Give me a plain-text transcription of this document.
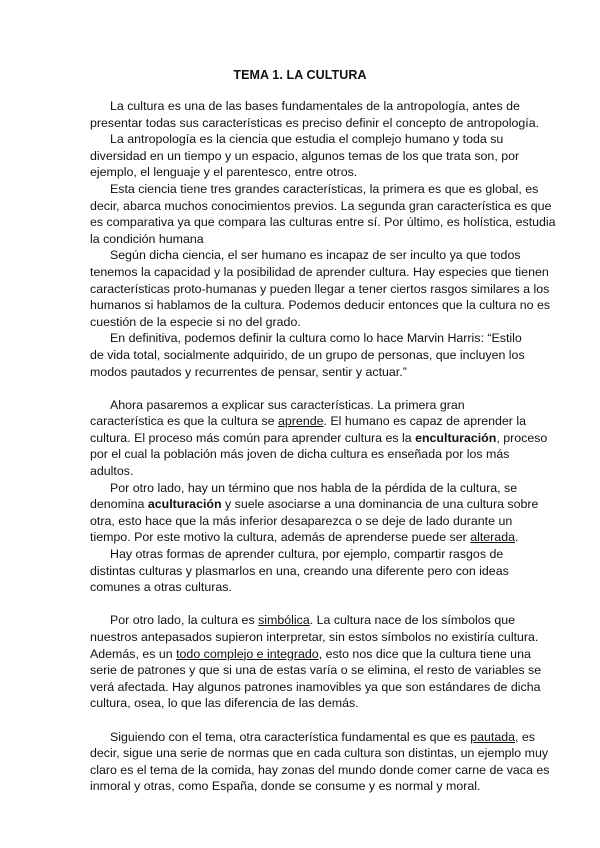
TEMA 1. LA CULTURA
La cultura es una de las bases fundamentales de la antropología, antes de
presentar todas sus características es preciso definir el concepto de antropología.
La antropología es la ciencia que estudia el complejo humano y toda su
diversidad en un tiempo y un espacio, algunos temas de los que trata son, por
ejemplo, el lenguaje y el parentesco, entre otros.
Esta ciencia tiene tres grandes características, la primera es que es global, es
decir, abarca muchos conocimientos previos. La segunda gran característica es que
es comparativa ya que compara las culturas entre sí. Por último, es holística, estudia
la condición humana
Según dicha ciencia, el ser humano es incapaz de ser inculto ya que todos
tenemos la capacidad y la posibilidad de aprender cultura. Hay especies que tienen
características proto-humanas y pueden llegar a tener ciertos rasgos similares a los
humanos si hablamos de la cultura. Podemos deducir entonces que la cultura no es
cuestión de la especie si no del grado.
En definitiva, podemos definir la cultura como lo hace Marvin Harris: “Estilo
de vida total, socialmente adquirido, de un grupo de personas, que incluyen los
modos pautados y recurrentes de pensar, sentir y actuar.”
Ahora pasaremos a explicar sus características. La primera gran
característica es que la cultura se aprende. El humano es capaz de aprender la
cultura. El proceso más común para aprender cultura es la enculturación, proceso
por el cual la población más joven de dicha cultura es enseñada por los más
adultos.
Por otro lado, hay un término que nos habla de la pérdida de la cultura, se
denomina aculturación y suele asociarse a una dominancia de una cultura sobre
otra, esto hace que la más inferior desaparezca o se deje de lado durante un
tiempo. Por este motivo la cultura, además de aprenderse puede ser alterada.
Hay otras formas de aprender cultura, por ejemplo, compartir rasgos de
distintas culturas y plasmarlos en una, creando una diferente pero con ideas
comunes a otras culturas.
Por otro lado, la cultura es simbólica. La cultura nace de los símbolos que
nuestros antepasados supieron interpretar, sin estos símbolos no existiría cultura.
Además, es un todo complejo e integrado, esto nos dice que la cultura tiene una
serie de patrones y que si una de estas varía o se elimina, el resto de variables se
verá afectada. Hay algunos patrones inamovibles ya que son estándares de dicha
cultura, osea, lo que las diferencia de las demás.
Siguiendo con el tema, otra característica fundamental es que es pautada, es
decir, sigue una serie de normas que en cada cultura son distintas, un ejemplo muy
claro es el tema de la comida, hay zonas del mundo donde comer carne de vaca es
inmoral y otras, como España, donde se consume y es normal y moral.
